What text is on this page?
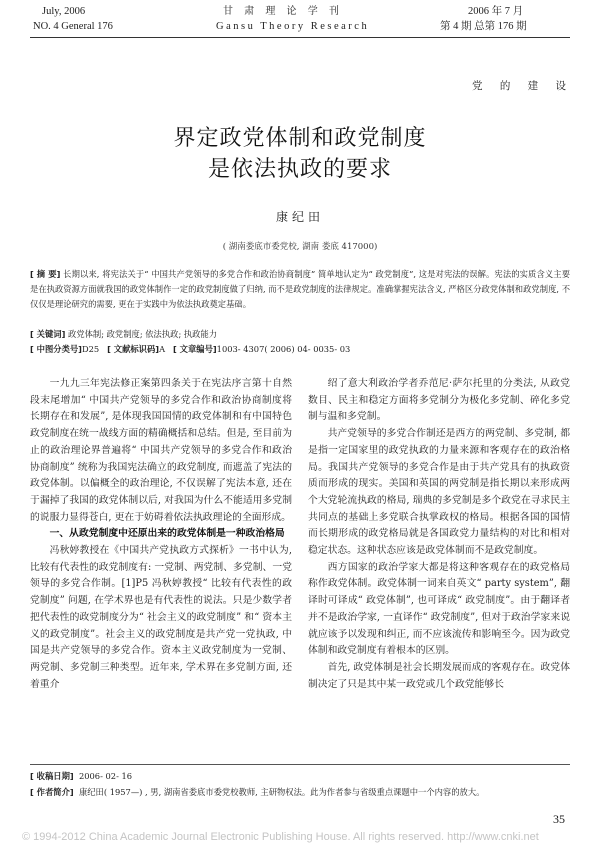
July, 2006
NO. 4 General 176
甘 肃 理 论 学 刊
Gansu Theory Research
2006 年 7 月
第 4 期 总第 176 期
党 的 建 设
界定政党体制和政党制度
是依法执政的要求
康纪田
( 湖南娄底市委党校, 湖南 娄底 417000)
[ 摘 要] 长期以来, 将宪法关于“ 中国共产党领导的多党合作和政治协商制度” 简单地认定为“ 政党制度”, 这是对宪法的误解。宪法的实质含义主要是在执政资源方面就我国的政党体制作一定的政党制度做了归纳, 而不是政党制度的法律规定。准确掌握宪法含义, 严格区分政党体制和政党制度, 不仅仅是理论研究的需要, 更在于实践中为依法执政奠定基础。
[ 关键词] 政党体制; 政党制度; 依法执政; 执政能力
[ 中图分类号]D25 [ 文献标识码]A [ 文章编号]1003- 4307( 2006) 04- 0035- 03

一九九三年宪法修正案第四条关于在宪法序言第十自然段末尾增加“ 中国共产党领导的多党合作和政治协商制度将长期存在和发展”, 是体现我国国情的政党体制和有中国特色政党制度在统一战线方面的精确概括和总结。但是, 至目前为止的政治理论界普遍将“ 中国共产党领导的多党合作和政治协商制度” 统称为我国宪法确立的政党制度, 而遮盖了宪法的政党体制。以偏概全的政治理论, 不仅误解了宪法本意, 还在于漏掉了我国的政党体制以后, 对我国为什么不能适用多党制的说服力显得苍白, 更在于妨碍着依法执政理论的全面形成。

一、从政党制度中还原出来的政党体制是一种政治格局

冯秋婷教授在《中国共产党执政方式探析》一书中认为, 比较有代表性的政党制度有: 一党制、两党制、多党制、一党领导的多党合作制。[1]P5 冯秋婷教授“ 比较有代表性的政党制度” 问题, 在学术界也是有代表性的说法。只是少数学者把代表性的政党制度分为“ 社会主义的政党制度” 和“ 资本主义的政党制度”。社会主义的政党制度是共产党一党执政, 中国是共产党领导的多党合作。资本主义政党制度为一党制、两党制、多党制三种类型。近年来, 学术界在多党制方面, 还着重介

绍了意大利政治学者乔范尼·萨尔托里的分类法, 从政党数目、民主和稳定方面将多党制分为极化多党制、碎化多党制与温和多党制。

共产党领导的多党合作制还是西方的两党制、多党制, 都是指一定国家里的政党执政的力量来源和客观存在的政治格局。我国共产党领导的多党合作是由于共产党具有的执政资质而形成的现实。美国和英国的两党制是指长期以来形成两个大党轮流执政的格局, 瑞典的多党制是多个政党在寻求民主共同点的基础上多党联合执掌政权的格局。根据各国的国情而长期形成的政党格局就是各国政党力量结构的对比和相对稳定状态。这种状态应该是政党体制而不是政党制度。

西方国家的政治学家大都是将这种客观存在的政党格局称作政党体制。政党体制一词来自英文“ party system”, 翻译时可译成“ 政党体制”, 也可译成“ 政党制度”。由于翻译者并不是政治学家, 一直译作“ 政党制度”, 但对于政治学家来说就应该予以发现和纠正, 而不应该流传和影响至今。因为政党体制和政党制度有着根本的区别。

首先, 政党体制是社会长期发展而成的客观存在。政党体制决定了只是其中某一政党或几个政党能够长

[ 收稿日期] 2006- 02- 16
[ 作者简介] 康纪田( 1957—) , 男, 湖南省娄底市委党校教师, 主研物权法。此为作者参与省级重点课题中一个内容的放大。
35
© 1994-2012 China Academic Journal Electronic Publishing House. All rights reserved. http://www.cnki.net
